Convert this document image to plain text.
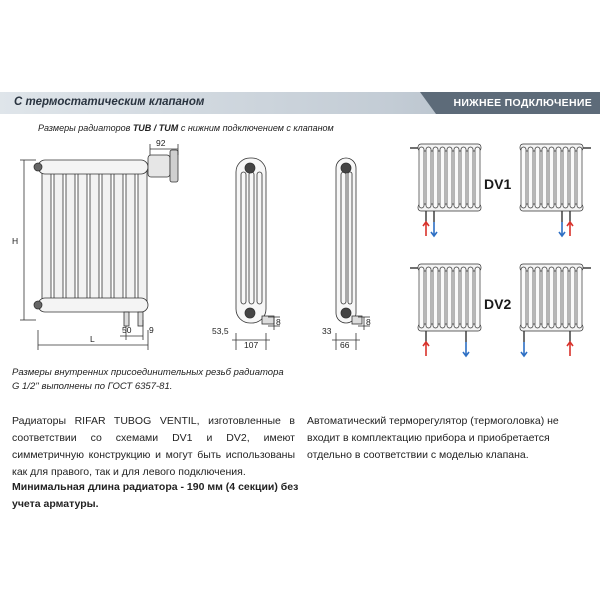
С термостатическим клапаном	НИЖНЕЕ ПОДКЛЮЧЕНИЕ
Размеры радиаторов TUB / TUM с нижним подключением с клапаном
92
H
50 9
L
53,5
107
8
33
66
8
DV1
DV2
Размеры внутренних присоединительных резьб радиатора
G 1/2'' выполнены по ГОСТ 6357-81.
Радиаторы RIFAR TUBOG VENTIL, изготовленные в соответствии со схемами DV1 и DV2, имеют симметричную конструкцию и могут быть использованы как для правого, так и для левого подключения.
Минимальная длина радиатора - 190 мм (4 секции) без учета арматуры.
Автоматический терморегулятор (термоголовка) не входит в комплектацию прибора и приобретается отдельно в соответствии с моделью клапана.
